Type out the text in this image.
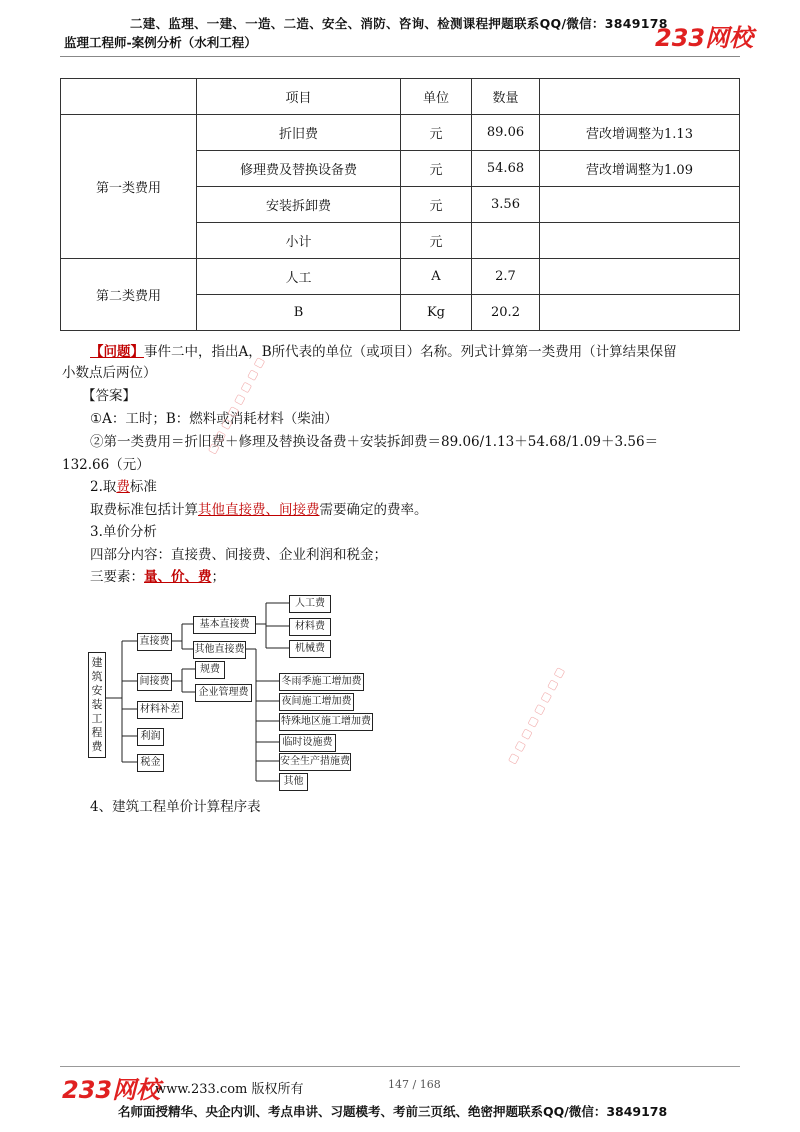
二建、监理、一建、一造、二造、安全、消防、咨询、检测课程押题联系QQ/微信：3849178
监理工程师-案例分析（水利工程）	233网校
	项目	单位	数量	
第一类费用	折旧费	元	89.06	营改增调整为1.13
	修理费及替换设备费	元	54.68	营改增调整为1.09
	安装拆卸费	元	3.56	
	小计	元		
第二类费用	人工	A	2.7	
	B	Kg	20.2	
【问题】事件二中，指出A，B所代表的单位（或项目）名称。列式计算第一类费用（计算结果保留
小数点后两位）
【答案】
①A：工时；B：燃料或消耗材料（柴油）
②第一类费用＝折旧费＋修理及替换设备费＋安装拆卸费＝89.06/1.13＋54.68/1.09＋3.56＝
132.66（元）
2.取费标准
取费标准包括计算其他直接费、间接费需要确定的费率。
3.单价分析
四部分内容：直接费、间接费、企业利润和税金；
三要素：量、价、费；
建
筑
安
装
工
程
费
直接费
间接费
材料补差
利润
税金
基本直接费
其他直接费
人工费
材料费
机械费
规费
企业管理费
冬雨季施工增加费
夜间施工增加费
特殊地区施工增加费
临时设施费
安全生产措施费
其他
4、建筑工程单价计算程序表
▢ ▢ ▢ ▢ ▢ ▢ ▢ ▢
▢ ▢ ▢ ▢ ▢ ▢ ▢ ▢
233网校
www.233.com 版权所有	147 / 168
名师面授精华、央企内训、考点串讲、习题模考、考前三页纸、绝密押题联系QQ/微信：3849178
